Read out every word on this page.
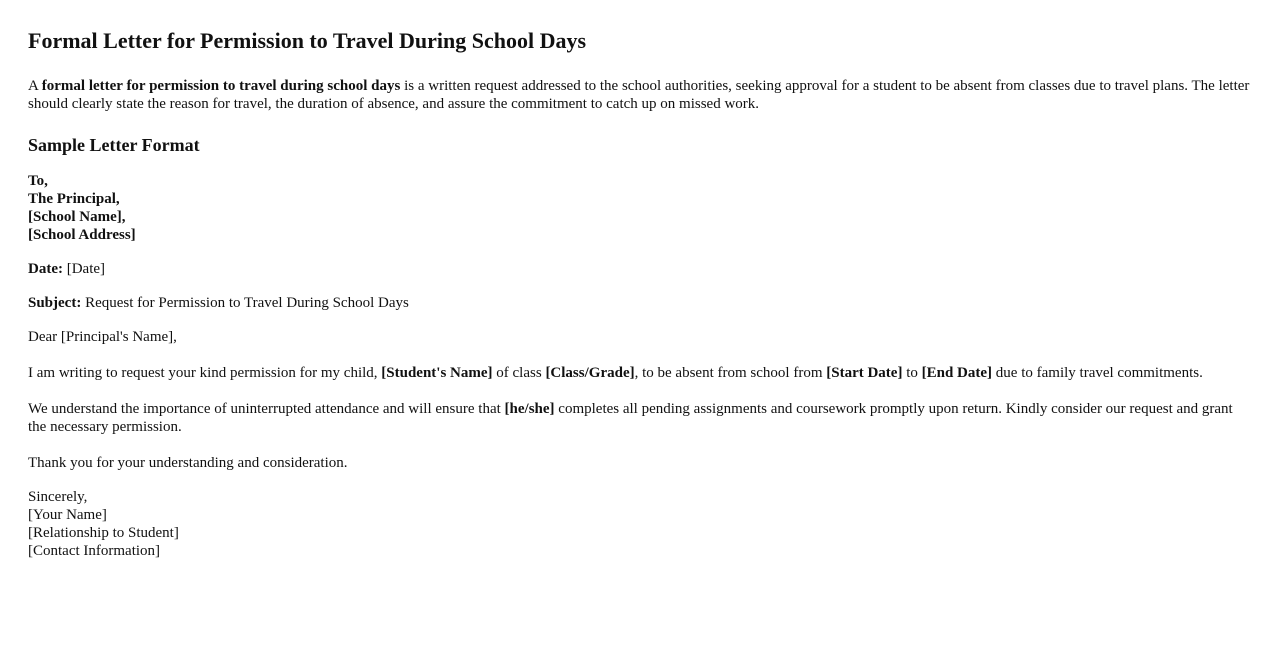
Formal Letter for Permission to Travel During School Days

A formal letter for permission to travel during school days is a written request addressed to the school authorities, seeking approval for a student to be absent from classes due to travel plans. The letter should clearly state the reason for travel, the duration of absence, and assure the commitment to catch up on missed work.

Sample Letter Format

To,
The Principal,
[School Name],
[School Address]

Date: [Date]

Subject: Request for Permission to Travel During School Days

Dear [Principal's Name],

I am writing to request your kind permission for my child, [Student's Name] of class [Class/Grade], to be absent from school from [Start Date] to [End Date] due to family travel commitments.

We understand the importance of uninterrupted attendance and will ensure that [he/she] completes all pending assignments and coursework promptly upon return. Kindly consider our request and grant the necessary permission.

Thank you for your understanding and consideration.

Sincerely,
[Your Name]
[Relationship to Student]
[Contact Information]
